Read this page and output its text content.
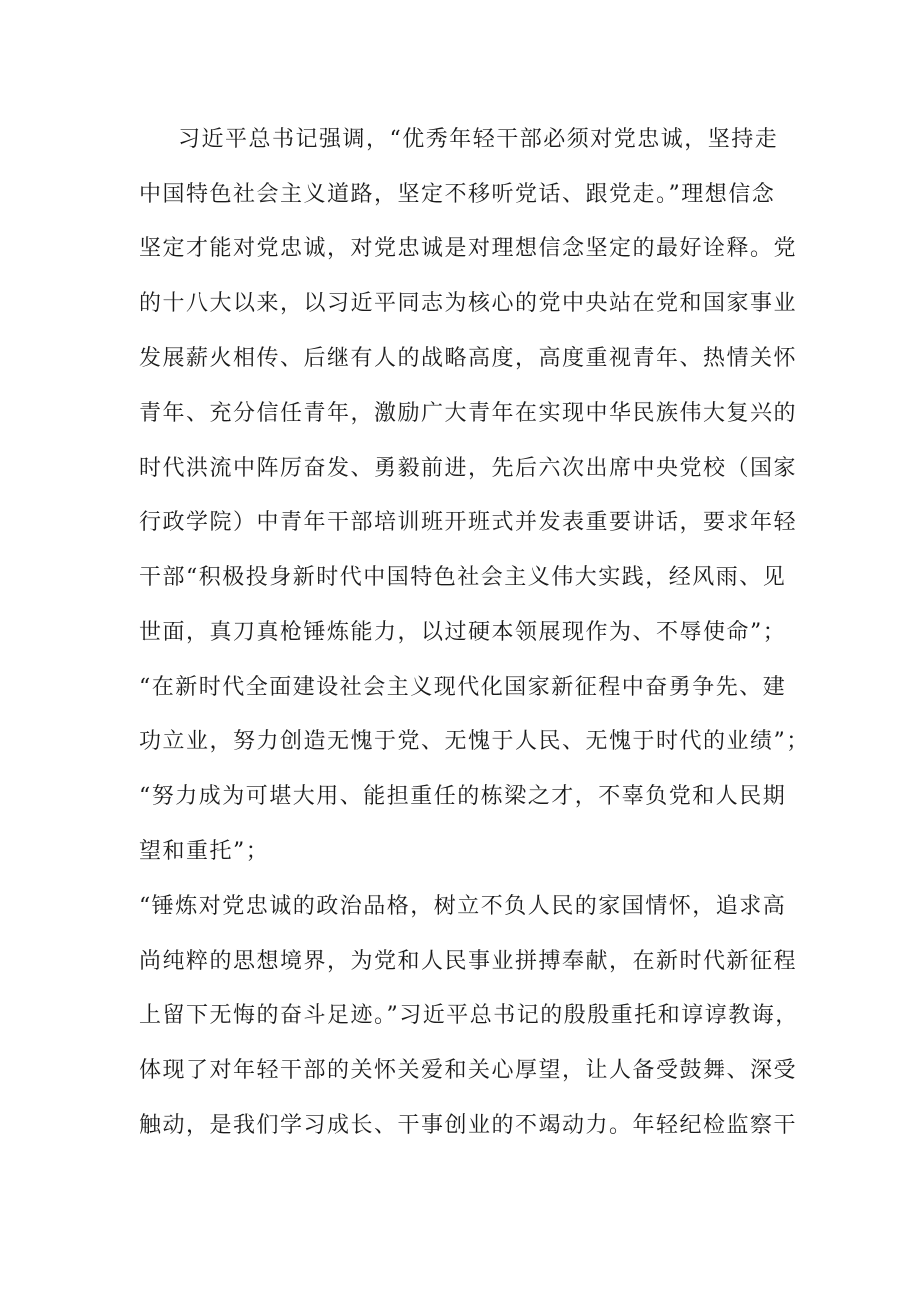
习近平总书记强调，“优秀年轻干部必须对党忠诚，坚持走

中国特色社会主义道路，坚定不移听党话、跟党走。”理想信念

坚定才能对党忠诚，对党忠诚是对理想信念坚定的最好诠释。党

的十八大以来，以习近平同志为核心的党中央站在党和国家事业

发展薪火相传、后继有人的战略高度，高度重视青年、热情关怀

青年、充分信任青年，激励广大青年在实现中华民族伟大复兴的

时代洪流中阵厉奋发、勇毅前进，先后六次出席中央党校（国家

行政学院）中青年干部培训班开班式并发表重要讲话，要求年轻

干部“积极投身新时代中国特色社会主义伟大实践，经风雨、见

世面，真刀真枪锤炼能力，以过硬本领展现作为、不辱使命”；

“在新时代全面建设社会主义现代化国家新征程中奋勇争先、建

功立业，努力创造无愧于党、无愧于人民、无愧于时代的业绩”；

“努力成为可堪大用、能担重任的栋梁之才，不辜负党和人民期

望和重托”；

“锤炼对党忠诚的政治品格，树立不负人民的家国情怀，追求高

尚纯粹的思想境界，为党和人民事业拼搏奉献，在新时代新征程

上留下无悔的奋斗足迹。”习近平总书记的殷殷重托和谆谆教诲，

体现了对年轻干部的关怀关爱和关心厚望，让人备受鼓舞、深受

触动，是我们学习成长、干事创业的不竭动力。年轻纪检监察干
